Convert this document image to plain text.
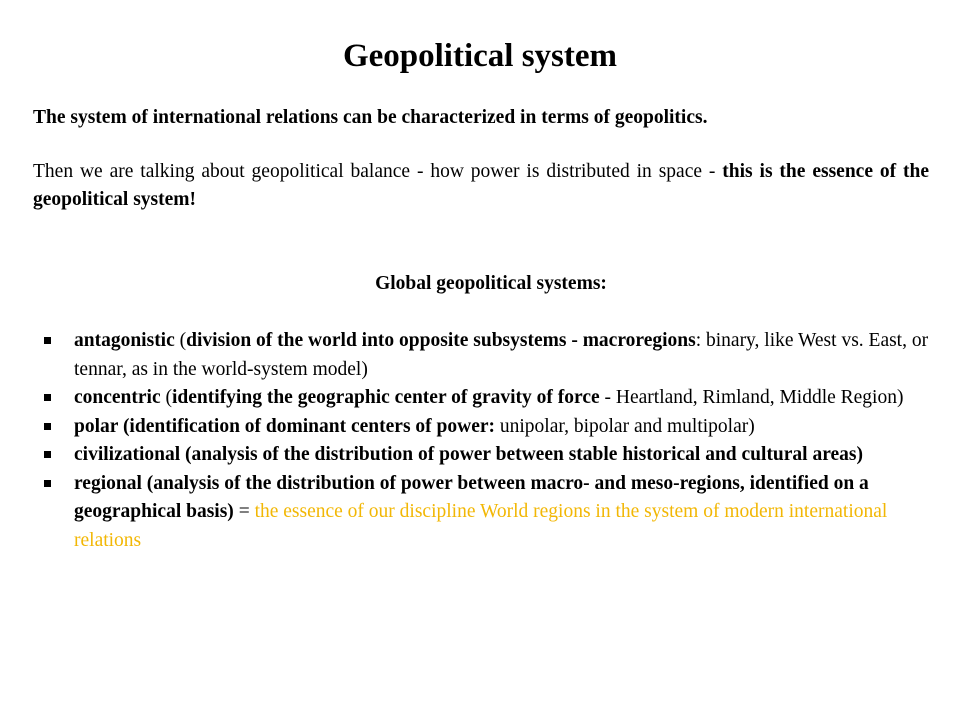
Geopolitical system

The system of international relations can be characterized in terms of geopolitics.

Then we are talking about geopolitical balance - how power is distributed in space - this is the essence of the geopolitical system!

Global geopolitical systems:
antagonistic (division of the world into opposite subsystems - macroregions: binary, like West vs. East, or tennar, as in the world-system model)
concentric (identifying the geographic center of gravity of force - Heartland, Rimland, Middle Region)
polar (identification of dominant centers of power: unipolar, bipolar and multipolar)
civilizational (analysis of the distribution of power between stable historical and cultural areas)
regional (analysis of the distribution of power between macro- and meso-regions, identified on a geographical basis) = the essence of our discipline World regions in the system of modern international relations
